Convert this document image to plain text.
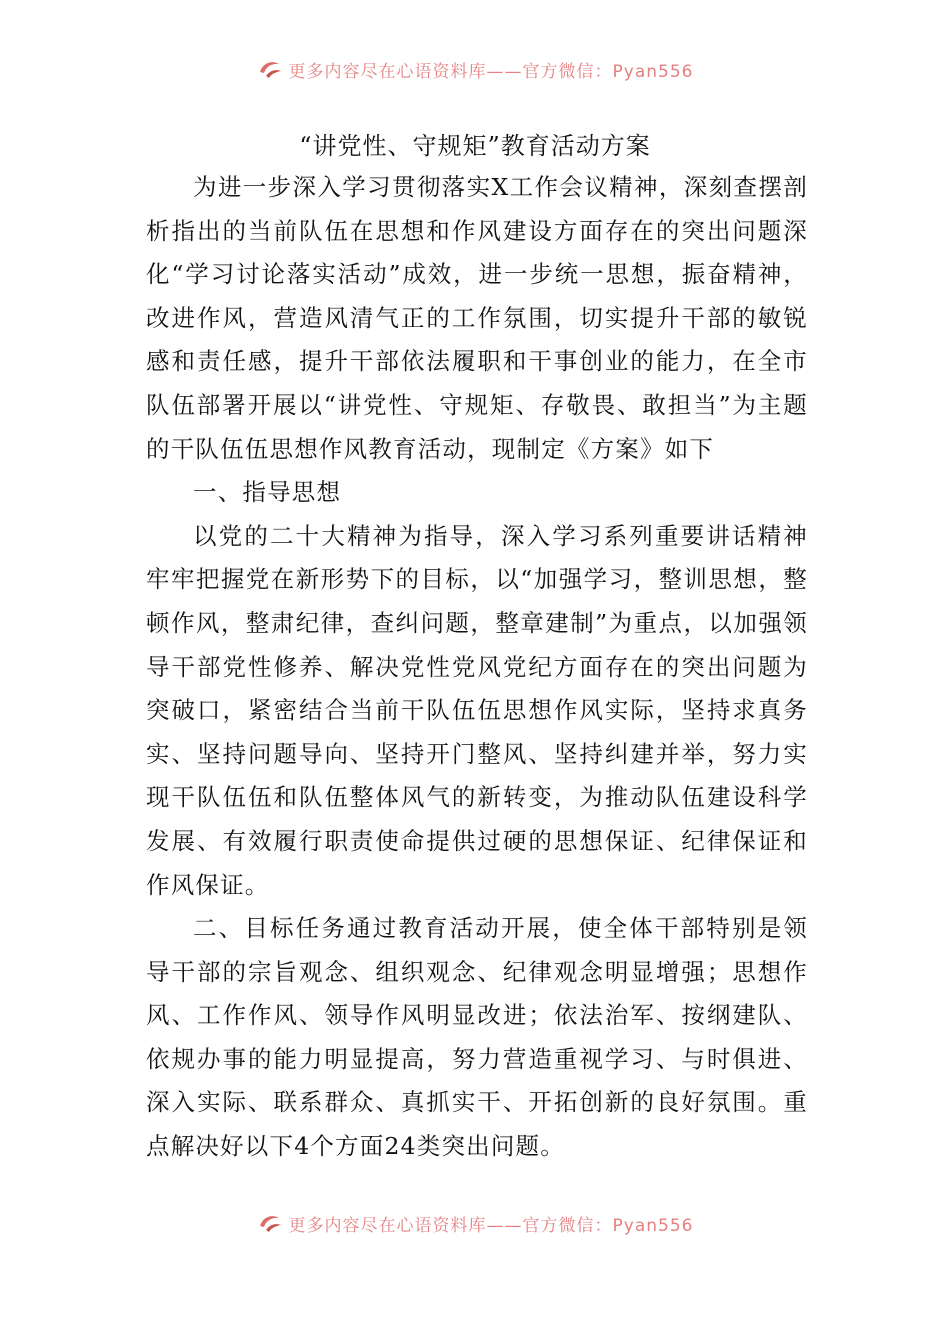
更多内容尽在心语资料库——官方微信：Pyan556
“讲党性、守规矩”教育活动方案

为进一步深入学习贯彻落实X工作会议精神，深刻查摆剖析指出的当前队伍在思想和作风建设方面存在的突出问题深化“学习讨论落实活动”成效，进一步统一思想，振奋精神，改进作风，营造风清气正的工作氛围，切实提升干部的敏锐感和责任感，提升干部依法履职和干事创业的能力，在全市队伍部署开展以“讲党性、守规矩、存敬畏、敢担当”为主题的干队伍伍思想作风教育活动，现制定《方案》如下

一、指导思想

以党的二十大精神为指导，深入学习系列重要讲话精神牢牢把握党在新形势下的目标，以“加强学习，整训思想，整顿作风，整肃纪律，查纠问题，整章建制”为重点，以加强领导干部党性修养、解决党性党风党纪方面存在的突出问题为突破口，紧密结合当前干队伍伍思想作风实际，坚持求真务实、坚持问题导向、坚持开门整风、坚持纠建并举，努力实现干队伍伍和队伍整体风气的新转变，为推动队伍建设科学发展、有效履行职责使命提供过硬的思想保证、纪律保证和作风保证。

二、目标任务通过教育活动开展，使全体干部特别是领导干部的宗旨观念、组织观念、纪律观念明显增强；思想作风、工作作风、领导作风明显改进；依法治军、按纲建队、依规办事的能力明显提高，努力营造重视学习、与时俱进、深入实际、联系群众、真抓实干、开拓创新的良好氛围。重点解决好以下4个方面24类突出问题。

更多内容尽在心语资料库——官方微信：Pyan556
